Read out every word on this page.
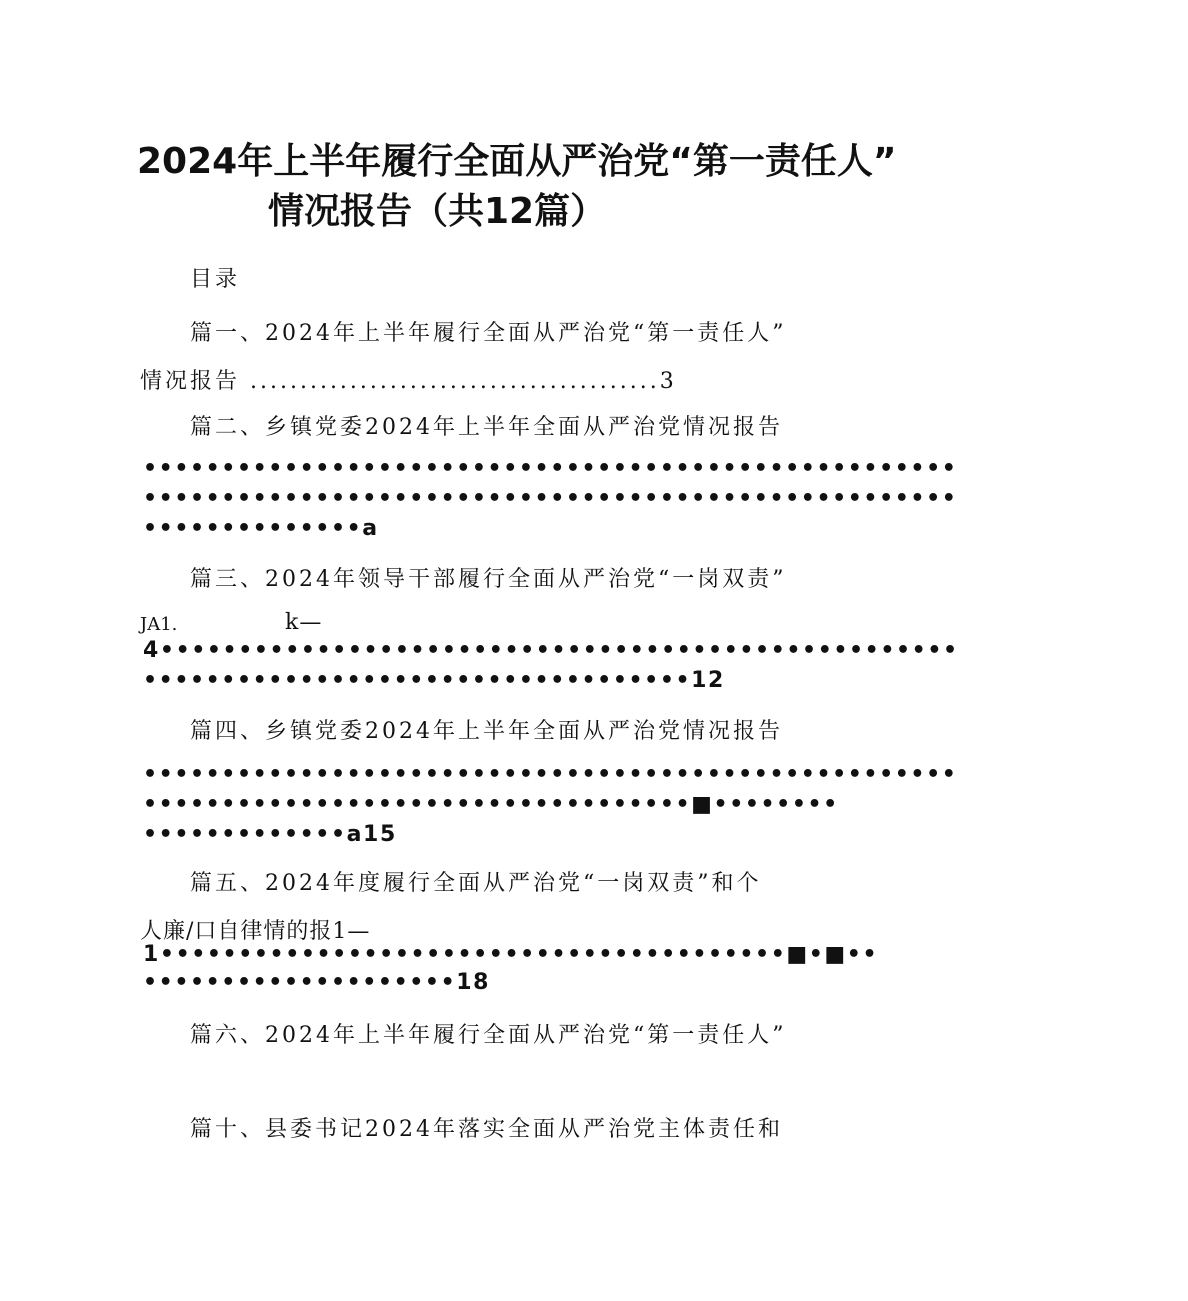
2024年上半年履行全面从严治党“第一责任人”
情况报告（共12篇）
目录
篇一、2024年上半年履行全面从严治党“第一责任人”
情况报告 .........................................3
篇二、乡镇党委2024年上半年全面从严治党情况报告
••••••••••••••••••••••••••••••••••••••••••••••••••••
••••••••••••••••••••••••••••••••••••••••••••••••••••
••••••••••••••a
篇三、2024年领导干部履行全面从严治党“一岗双责”
JA1.	k—
4•••••••••••••••••••••••••••••••••••••••••••••••••••
•••••••••••••••••••••••••••••••••••12
篇四、乡镇党委2024年上半年全面从严治党情况报告
••••••••••••••••••••••••••••••••••••••••••••••••••••
•••••••••••••••••••••••••••••••••••■••••••••
•••••••••••••a15
篇五、2024年度履行全面从严治党“一岗双责”和个
人廉/口自律情的报1—
1••••••••••••••••••••••••••••••••••••••••■•■••
••••••••••••••••••••18
篇六、2024年上半年履行全面从严治党“第一责任人”
篇十、县委书记2024年落实全面从严治党主体责任和
